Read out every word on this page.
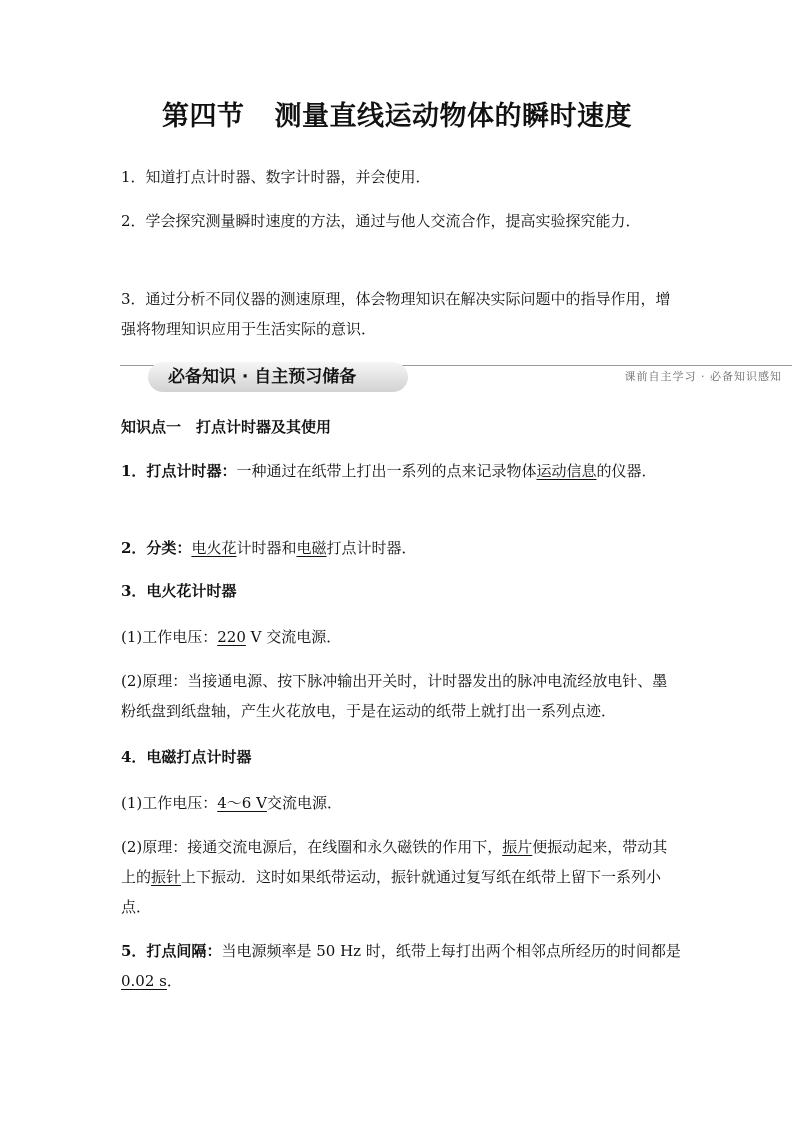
第四节 测量直线运动物体的瞬时速度

1．知道打点计时器、数字计时器，并会使用．

2．学会探究测量瞬时速度的方法，通过与他人交流合作，提高实验探究能力．

3．通过分析不同仪器的测速原理，体会物理知识在解决实际问题中的指导作用，增强将物理知识应用于生活实际的意识．

必备知识 · 自主预习储备	课前自主学习 · 必备知识感知

知识点一　打点计时器及其使用

1．打点计时器：一种通过在纸带上打出一系列的点来记录物体运动信息的仪器．

2．分类：电火花计时器和电磁打点计时器．

3．电火花计时器

(1)工作电压：220 V 交流电源．

(2)原理：当接通电源、按下脉冲输出开关时，计时器发出的脉冲电流经放电针、墨粉纸盘到纸盘轴，产生火花放电，于是在运动的纸带上就打出一系列点迹．

4．电磁打点计时器

(1)工作电压：4～6 V交流电源．

(2)原理：接通交流电源后，在线圈和永久磁铁的作用下，振片便振动起来，带动其上的振针上下振动．这时如果纸带运动，振针就通过复写纸在纸带上留下一系列小点．

5．打点间隔：当电源频率是 50 Hz 时，纸带上每打出两个相邻点所经历的时间都是0.02 s．
